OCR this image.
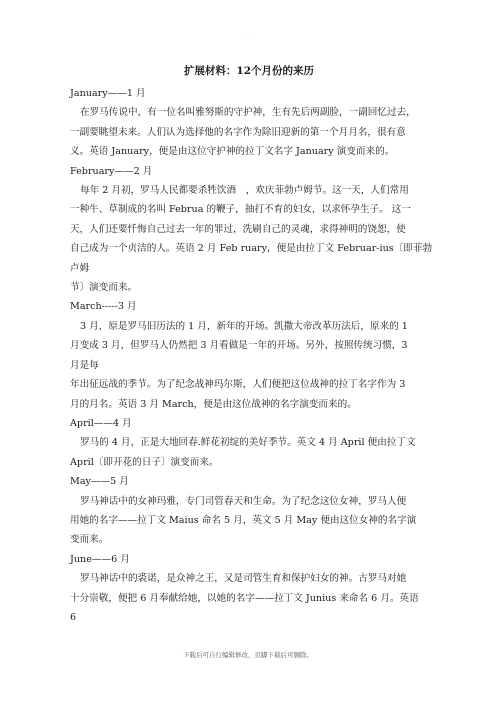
.
扩展材料：12个月份的来历
January——1 月
在罗马传说中，有一位名叫雅努斯的守护神，生有先后两副脸，一副回忆过去，
一副要眺望未来。人们认为选择他的名字作为除旧迎新的第一个月月名，很有意
义。英语 January，便是由这位守护神的拉丁文名字 January 演变而来的。
February——2 月
每年 2 月初，罗马人民都要杀牲饮酒　，欢庆菲勃卢姆节。这一天，人们常用
一种牛、草制成的名叫 Februa 的鞭子，抽打不育的妇女，以求怀孕生子。 这一
天，人们还要忏悔自己过去一年的罪过，洗刷自己的灵魂，求得神明的饶恕，使
自己成为一个贞洁的人。英语 2 月 Feb ruary，便是由拉丁文 Februar-ius〔即菲勃
卢姆
节〕演变而来。
March-----3 月
3 月，原是罗马旧历法的 1 月，新年的开场。凯撒大帝改革历法后，原来的 1
月变成 3 月，但罗马人仍然把 3 月看做是一年的开场。另外，按照传统习惯，3
月是每
年出征远战的季节。为了纪念战神玛尔斯，人们便把这位战神的拉丁名字作为 3
月的月名。英语 3 月 March，便是由这位战神的名字演变而来的。
April——4 月
罗马的 4 月，正是大地回春.鲜花初绽的美好季节。英文 4 月 April 便由拉丁文
April〔即开花的日子〕演变而来。
May——5 月
罗马神话中的女神玛雅，专门司管春天和生命。为了纪念这位女神，罗马人便
用她的名字——拉丁文 Maius 命名 5 月，英文 5 月 May 便由这位女神的名字演
变而来。
June——6 月
罗马神话中的裘诺，是众神之王，又是司管生育和保护妇女的神。古罗马对她
十分崇敬，便把 6 月奉献给她，以她的名字——拉丁文 Junius 来命名 6 月。英语
6
下载后可自行编辑修改，页脚下载后可删除。
